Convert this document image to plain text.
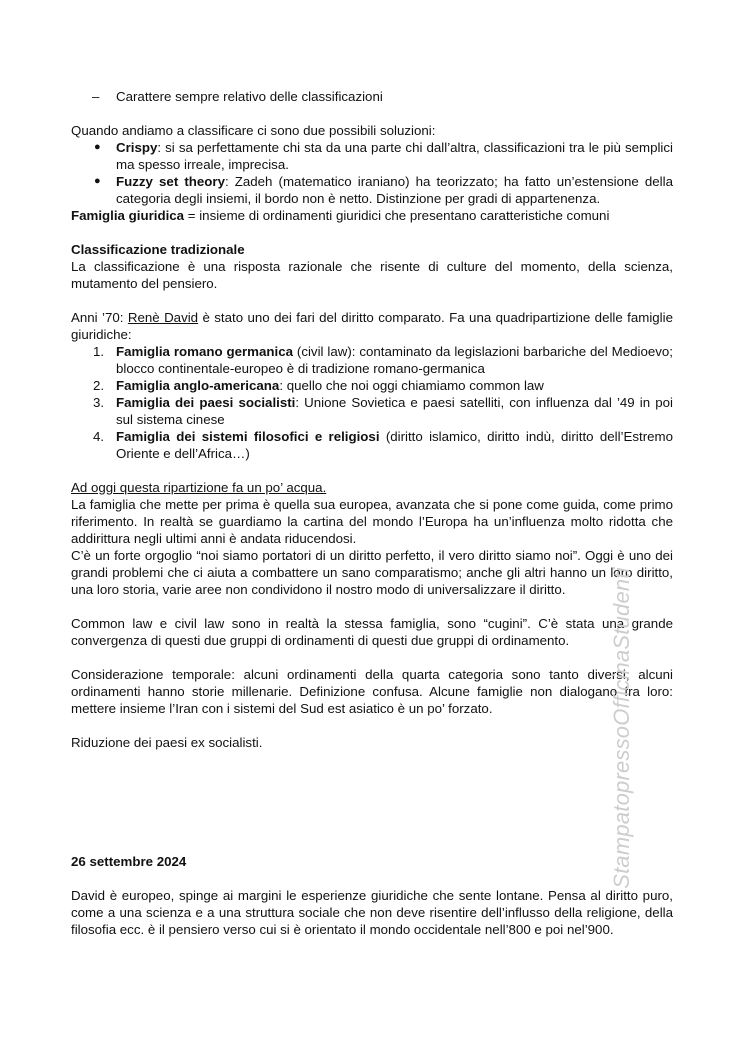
– Carattere sempre relativo delle classificazioni

Quando andiamo a classificare ci sono due possibili soluzioni:

● Crispy: si sa perfettamente chi sta da una parte chi dall’altra, classificazioni tra le più semplici ma spesso irreale, imprecisa.
● Fuzzy set theory: Zadeh (matematico iraniano) ha teorizzato; ha fatto un’estensione della categoria degli insiemi, il bordo non è netto. Distinzione per gradi di appartenenza.

Famiglia giuridica = insieme di ordinamenti giuridici che presentano caratteristiche comuni

Classificazione tradizionale

La classificazione è una risposta razionale che risente di culture del momento, della scienza, mutamento del pensiero.

Anni ’70: Renè David è stato uno dei fari del diritto comparato. Fa una quadripartizione delle famiglie giuridiche:

1. Famiglia romano germanica (civil law): contaminato da legislazioni barbariche del Medioevo; blocco continentale-europeo è di tradizione romano-germanica
2. Famiglia anglo-americana: quello che noi oggi chiamiamo common law
3. Famiglia dei paesi socialisti: Unione Sovietica e paesi satelliti, con influenza dal ’49 in poi sul sistema cinese
4. Famiglia dei sistemi filosofici e religiosi (diritto islamico, diritto indù, diritto dell’Estremo Oriente e dell’Africa…)

Ad oggi questa ripartizione fa un po’ acqua.

La famiglia che mette per prima è quella sua europea, avanzata che si pone come guida, come primo riferimento. In realtà se guardiamo la cartina del mondo l’Europa ha un’influenza molto ridotta che addirittura negli ultimi anni è andata riducendosi.

C’è un forte orgoglio “noi siamo portatori di un diritto perfetto, il vero diritto siamo noi”. Oggi è uno dei grandi problemi che ci aiuta a combattere un sano comparatismo; anche gli altri hanno un loro diritto, una loro storia, varie aree non condividono il nostro modo di universalizzare il diritto.

Common law e civil law sono in realtà la stessa famiglia, sono “cugini”. C’è stata una grande convergenza di questi due gruppi di ordinamenti di questi due gruppi di ordinamento.

Considerazione temporale: alcuni ordinamenti della quarta categoria sono tanto diversi; alcuni ordinamenti hanno storie millenarie. Definizione confusa. Alcune famiglie non dialogano fra loro: mettere insieme l’Iran con i sistemi del Sud est asiatico è un po’ forzato.

Riduzione dei paesi ex socialisti.

26 settembre 2024

David è europeo, spinge ai margini le esperienze giuridiche che sente lontane. Pensa al diritto puro, come a una scienza e a una struttura sociale che non deve risentire dell’influsso della religione, della filosofia ecc. è il pensiero verso cui si è orientato il mondo occidentale nell’800 e poi nel’900.

StampatopressoOfficinaStudenti
